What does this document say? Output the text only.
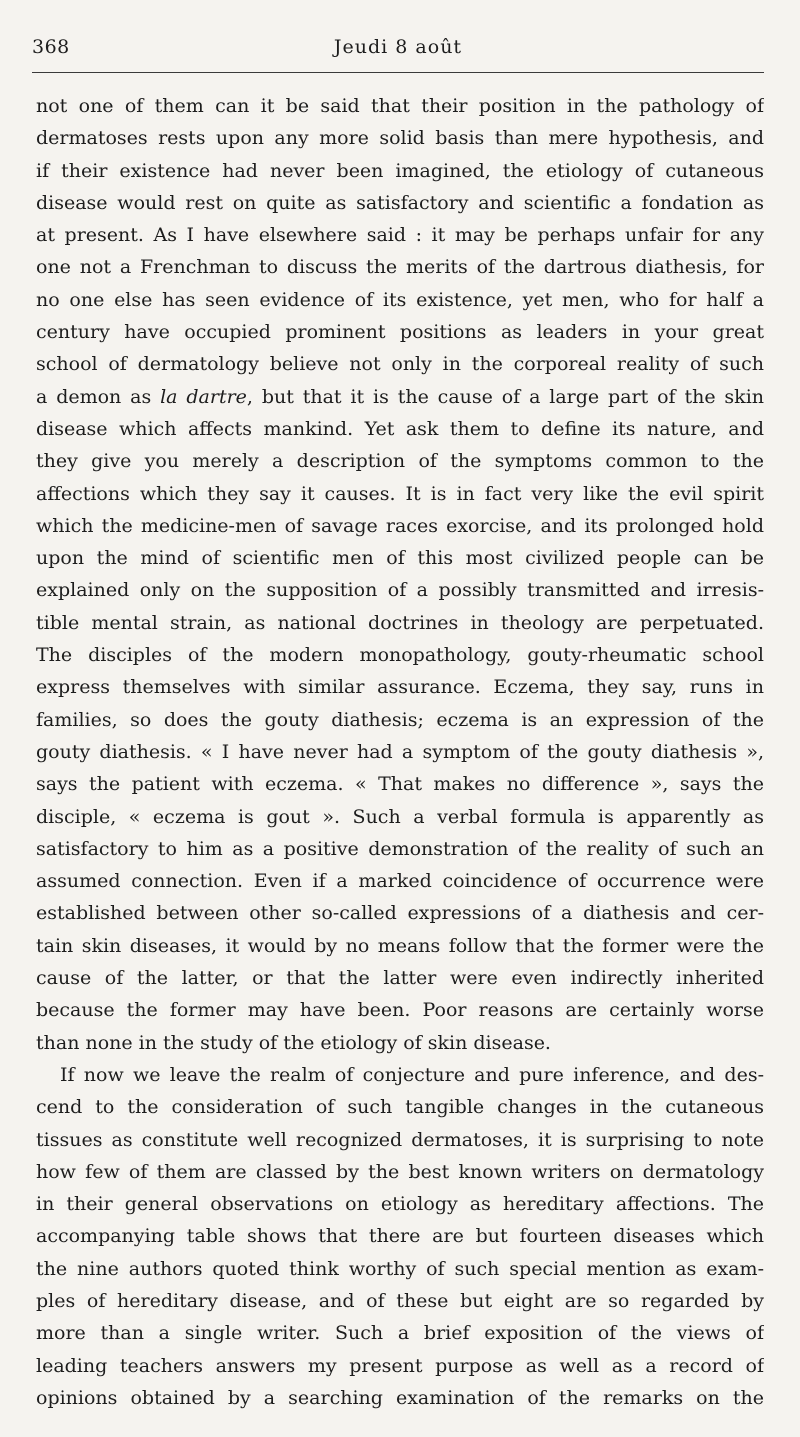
368	Jeudi 8 août
not one of them can it be said that their position in the pathology of
dermatoses rests upon any more solid basis than mere hypothesis, and
if their existence had never been imagined, the etiology of cutaneous
disease would rest on quite as satisfactory and scientific a fondation as
at present. As I have elsewhere said : it may be perhaps unfair for any
one not a Frenchman to discuss the merits of the dartrous diathesis, for
no one else has seen evidence of its existence, yet men, who for half a
century have occupied prominent positions as leaders in your great
school of dermatology believe not only in the corporeal reality of such
a demon as la dartre, but that it is the cause of a large part of the skin
disease which affects mankind. Yet ask them to define its nature, and
they give you merely a description of the symptoms common to the
affections which they say it causes. It is in fact very like the evil spirit
which the medicine-men of savage races exorcise, and its prolonged hold
upon the mind of scientific men of this most civilized people can be
explained only on the supposition of a possibly transmitted and irresis-
tible mental strain, as national doctrines in theology are perpetuated.
The disciples of the modern monopathology, gouty-rheumatic school
express themselves with similar assurance. Eczema, they say, runs in
families, so does the gouty diathesis; eczema is an expression of the
gouty diathesis. « I have never had a symptom of the gouty diathesis »,
says the patient with eczema. « That makes no difference », says the
disciple, « eczema is gout ». Such a verbal formula is apparently as
satisfactory to him as a positive demonstration of the reality of such an
assumed connection. Even if a marked coincidence of occurrence were
established between other so-called expressions of a diathesis and cer-
tain skin diseases, it would by no means follow that the former were the
cause of the latter, or that the latter were even indirectly inherited
because the former may have been. Poor reasons are certainly worse
than none in the study of the etiology of skin disease.
If now we leave the realm of conjecture and pure inference, and des-
cend to the consideration of such tangible changes in the cutaneous
tissues as constitute well recognized dermatoses, it is surprising to note
how few of them are classed by the best known writers on dermatology
in their general observations on etiology as hereditary affections. The
accompanying table shows that there are but fourteen diseases which
the nine authors quoted think worthy of such special mention as exam-
ples of hereditary disease, and of these but eight are so regarded by
more than a single writer. Such a brief exposition of the views of
leading teachers answers my present purpose as well as a record of
opinions obtained by a searching examination of the remarks on the
